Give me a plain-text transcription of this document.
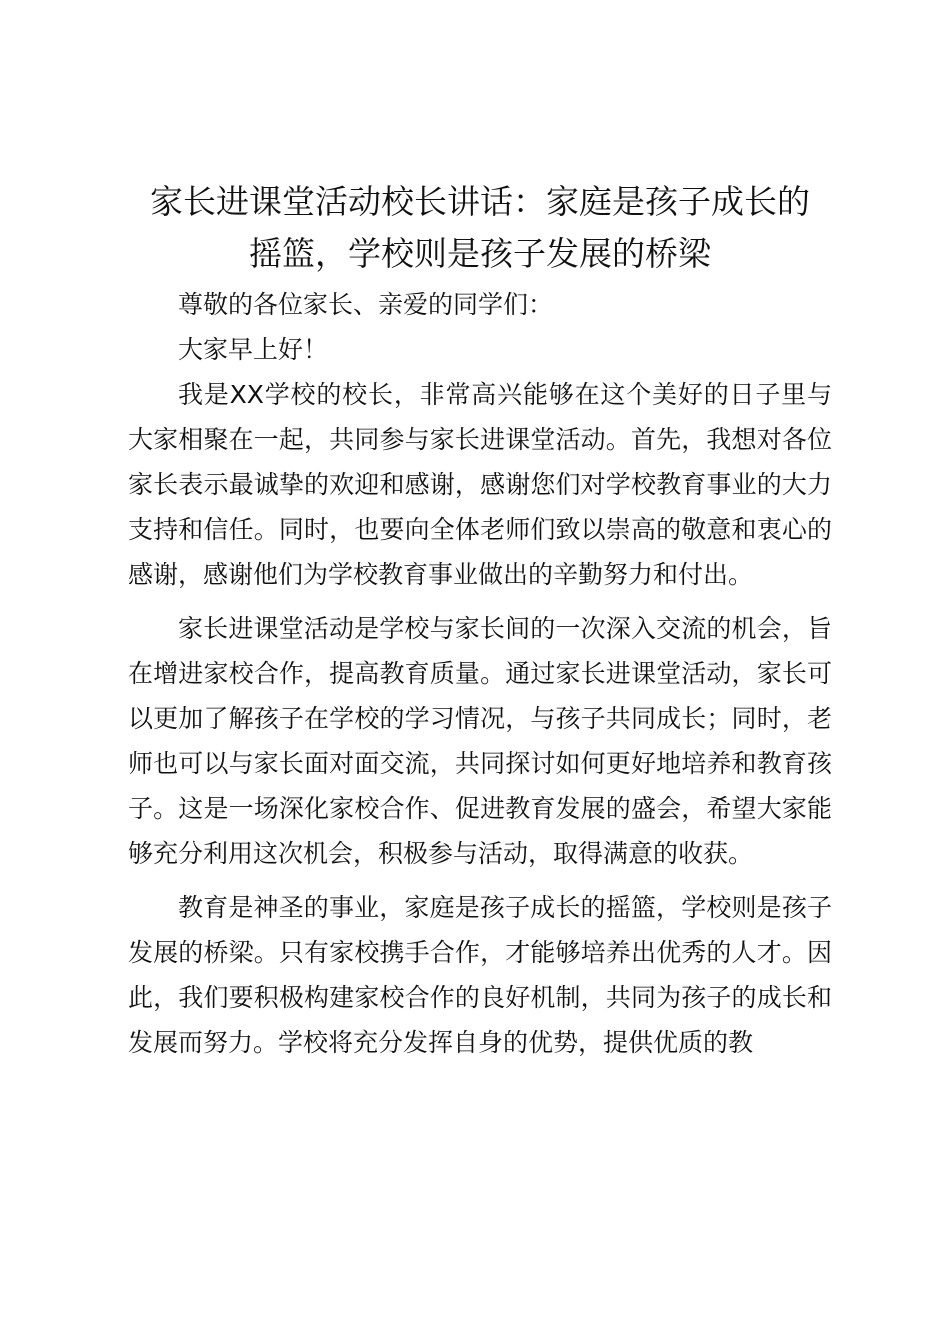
家长进课堂活动校长讲话：家庭是孩子成长的
摇篮，学校则是孩子发展的桥梁

尊敬的各位家长、亲爱的同学们：

大家早上好！

我是XX学校的校长，非常高兴能够在这个美好的日子里与大家相聚在一起，共同参与家长进课堂活动。首先，我想对各位家长表示最诚挚的欢迎和感谢，感谢您们对学校教育事业的大力支持和信任。同时，也要向全体老师们致以崇高的敬意和衷心的感谢，感谢他们为学校教育事业做出的辛勤努力和付出。

家长进课堂活动是学校与家长间的一次深入交流的机会，旨在增进家校合作，提高教育质量。通过家长进课堂活动，家长可以更加了解孩子在学校的学习情况，与孩子共同成长；同时，老师也可以与家长面对面交流，共同探讨如何更好地培养和教育孩子。这是一场深化家校合作、促进教育发展的盛会，希望大家能够充分利用这次机会，积极参与活动，取得满意的收获。

教育是神圣的事业，家庭是孩子成长的摇篮，学校则是孩子发展的桥梁。只有家校携手合作，才能够培养出优秀的人才。因此，我们要积极构建家校合作的良好机制，共同为孩子的成长和发展而努力。学校将充分发挥自身的优势，提供优质的教
